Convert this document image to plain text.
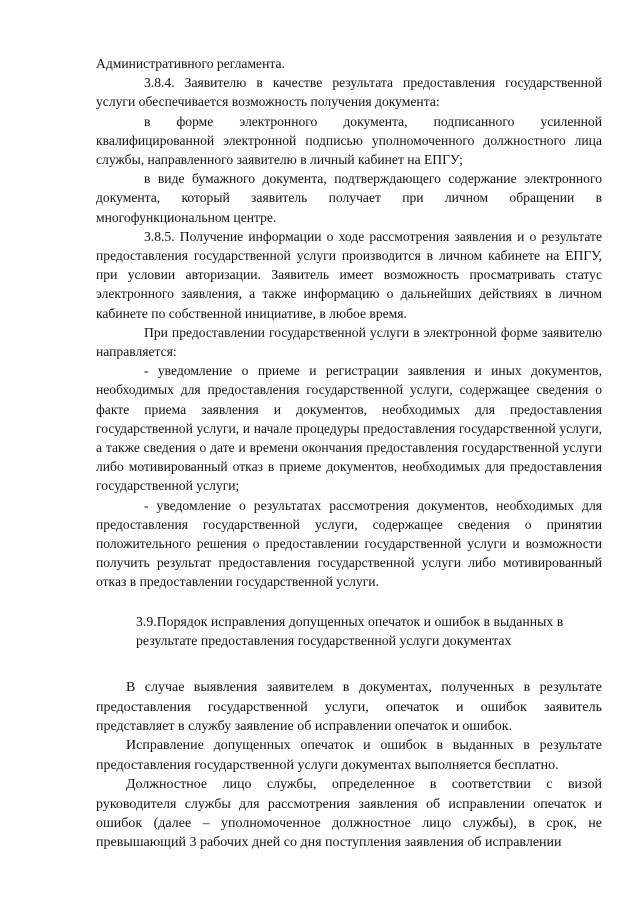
Административного регламента.

3.8.4. Заявителю в качестве результата предоставления государственной услуги обеспечивается возможность получения документа:

в форме электронного документа, подписанного усиленной квалифицированной электронной подписью уполномоченного должностного лица службы, направленного заявителю в личный кабинет на ЕПГУ;

в виде бумажного документа, подтверждающего содержание электронного документа, который заявитель получает при личном обращении в многофункциональном центре.

3.8.5. Получение информации о ходе рассмотрения заявления и о результате предоставления государственной услуги производится в личном кабинете на ЕПГУ, при условии авторизации. Заявитель имеет возможность просматривать статус электронного заявления, а также информацию о дальнейших действиях в личном кабинете по собственной инициативе, в любое время.

При предоставлении государственной услуги в электронной форме заявителю направляется:

- уведомление о приеме и регистрации заявления и иных документов, необходимых для предоставления государственной услуги, содержащее сведения о факте приема заявления и документов, необходимых для предоставления государственной услуги, и начале процедуры предоставления государственной услуги, а также сведения о дате и времени окончания предоставления государственной услуги либо мотивированный отказ в приеме документов, необходимых для предоставления государственной услуги;

- уведомление о результатах рассмотрения документов, необходимых для предоставления государственной услуги, содержащее сведения о принятии положительного решения о предоставлении государственной услуги и возможности получить результат предоставления государственной услуги либо мотивированный отказ в предоставлении государственной услуги.

3.9.Порядок исправления допущенных опечаток и ошибок в выданных в результате предоставления государственной услуги документах

В случае выявления заявителем в документах, полученных в результате предоставления государственной услуги, опечаток и ошибок заявитель представляет в службу заявление об исправлении опечаток и ошибок.

Исправление допущенных опечаток и ошибок в выданных в результате предоставления государственной услуги документах выполняется бесплатно.

Должностное лицо службы, определенное в соответствии с визой руководителя службы для рассмотрения заявления об исправлении опечаток и ошибок (далее – уполномоченное должностное лицо службы), в срок, не превышающий 3 рабочих дней со дня поступления заявления об исправлении
